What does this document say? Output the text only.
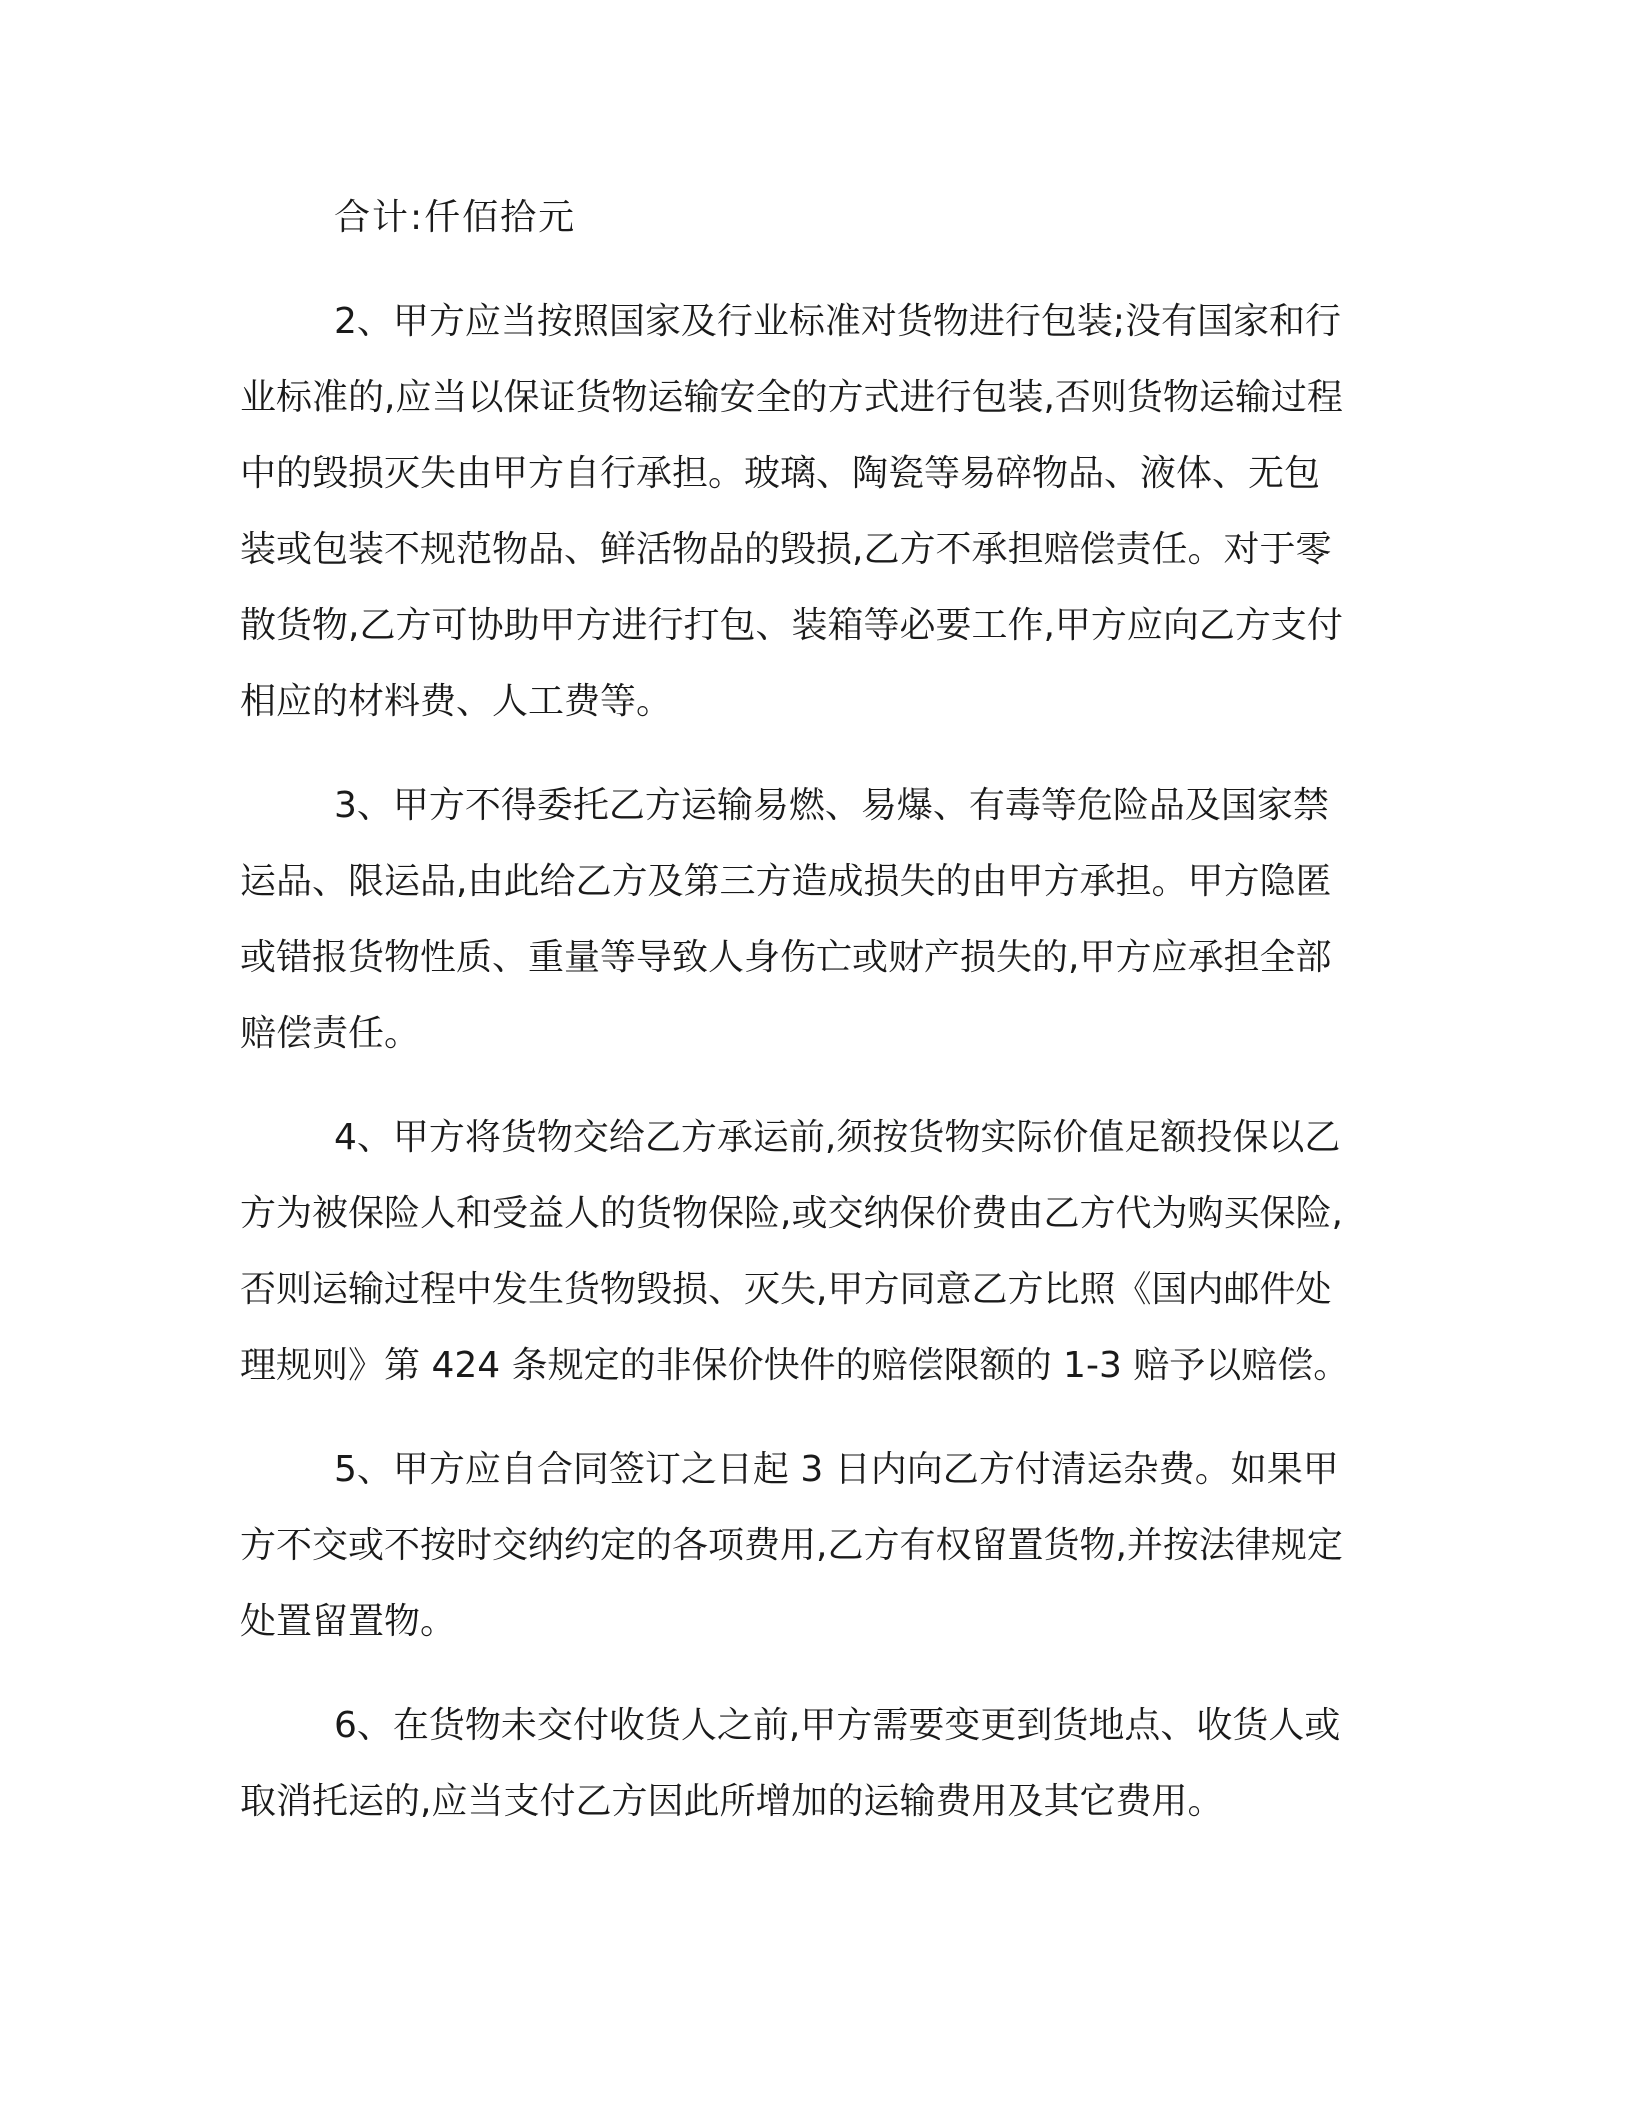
合计:仟佰拾元
2、甲方应当按照国家及行业标准对货物进行包装;没有国家和行
业标准的,应当以保证货物运输安全的方式进行包装,否则货物运输过程
中的毁损灭失由甲方自行承担。玻璃、陶瓷等易碎物品、液体、无包
装或包装不规范物品、鲜活物品的毁损,乙方不承担赔偿责任。对于零
散货物,乙方可协助甲方进行打包、装箱等必要工作,甲方应向乙方支付
相应的材料费、人工费等。
3、甲方不得委托乙方运输易燃、易爆、有毒等危险品及国家禁
运品、限运品,由此给乙方及第三方造成损失的由甲方承担。甲方隐匿
或错报货物性质、重量等导致人身伤亡或财产损失的,甲方应承担全部
赔偿责任。
4、甲方将货物交给乙方承运前,须按货物实际价值足额投保以乙
方为被保险人和受益人的货物保险,或交纳保价费由乙方代为购买保险,
否则运输过程中发生货物毁损、灭失,甲方同意乙方比照《国内邮件处
理规则》第 424 条规定的非保价快件的赔偿限额的 1-3 赔予以赔偿。
5、甲方应自合同签订之日起 3 日内向乙方付清运杂费。如果甲
方不交或不按时交纳约定的各项费用,乙方有权留置货物,并按法律规定
处置留置物。
6、在货物未交付收货人之前,甲方需要变更到货地点、收货人或
取消托运的,应当支付乙方因此所增加的运输费用及其它费用。
